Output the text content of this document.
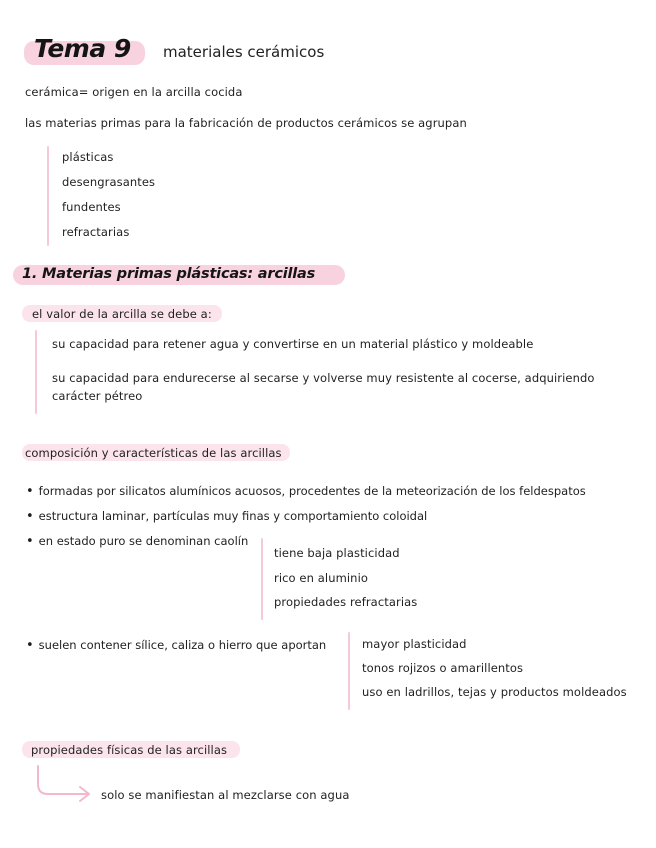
Tema 9 materiales cerámicos
cerámica= origen en la arcilla cocida
las materias primas para la fabricación de productos cerámicos se agrupan
plásticas
desengrasantes
fundentes
refractarias
1. Materias primas plásticas: arcillas
el valor de la arcilla se debe a:
su capacidad para retener agua y convertirse en un material plástico y moldeable
su capacidad para endurecerse al secarse y volverse muy resistente al cocerse, adquiriendo
carácter pétreo
composición y características de las arcillas
• formadas por silicatos alumínicos acuosos, procedentes de la meteorización de los feldespatos
• estructura laminar, partículas muy finas y comportamiento coloidal
• en estado puro se denominan caolín
tiene baja plasticidad
rico en aluminio
propiedades refractarias
• suelen contener sílice, caliza o hierro que aportan	mayor plasticidad
tonos rojizos o amarillentos
uso en ladrillos, tejas y productos moldeados
propiedades físicas de las arcillas
solo se manifiestan al mezclarse con agua
